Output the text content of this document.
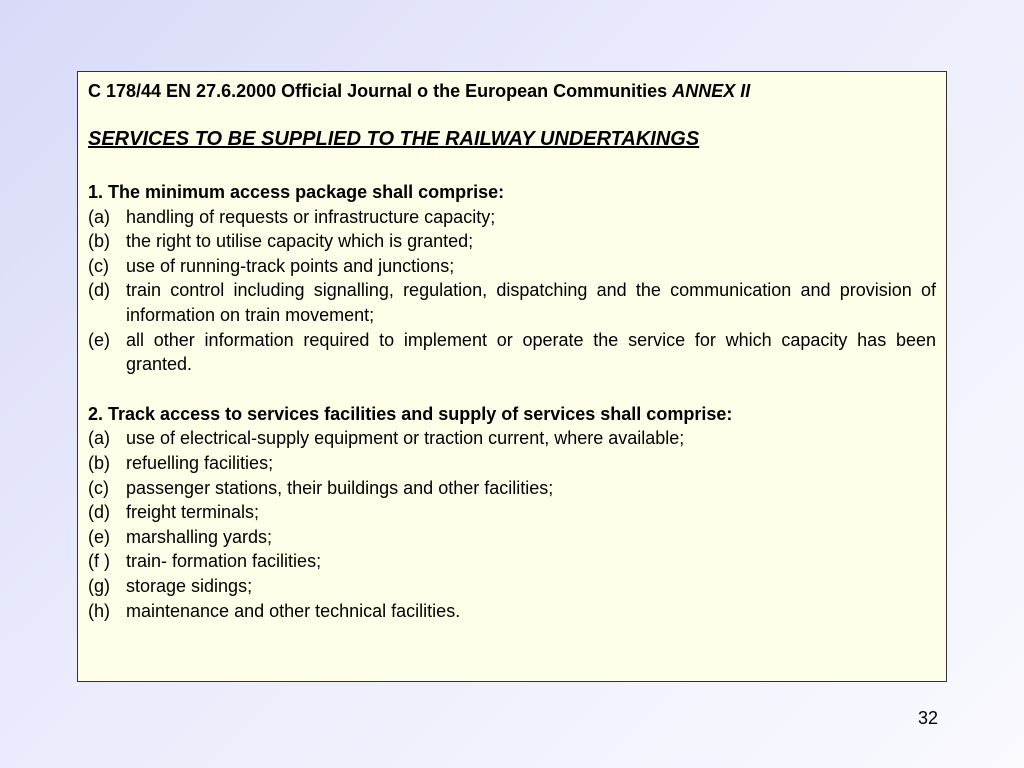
C 178/44 EN 27.6.2000 Official Journal o the European Communities ANNEX II

SERVICES TO BE SUPPLIED TO THE RAILWAY UNDERTAKINGS

1. The minimum access package shall comprise:

(a) handling of requests or infrastructure capacity;
(b) the right to utilise capacity which is granted;
(c) use of running-track points and junctions;
(d) train control including signalling, regulation, dispatching and the communication and provision of information on train movement;
(e) all other information required to implement or operate the service for which capacity has been granted.

2. Track access to services facilities and supply of services shall comprise:

(a) use of electrical-supply equipment or traction current, where available;
(b) refuelling facilities;
(c) passenger stations, their buildings and other facilities;
(d) freight terminals;
(e) marshalling yards;
(f ) train- formation facilities;
(g) storage sidings;
(h) maintenance and other technical facilities.
32
